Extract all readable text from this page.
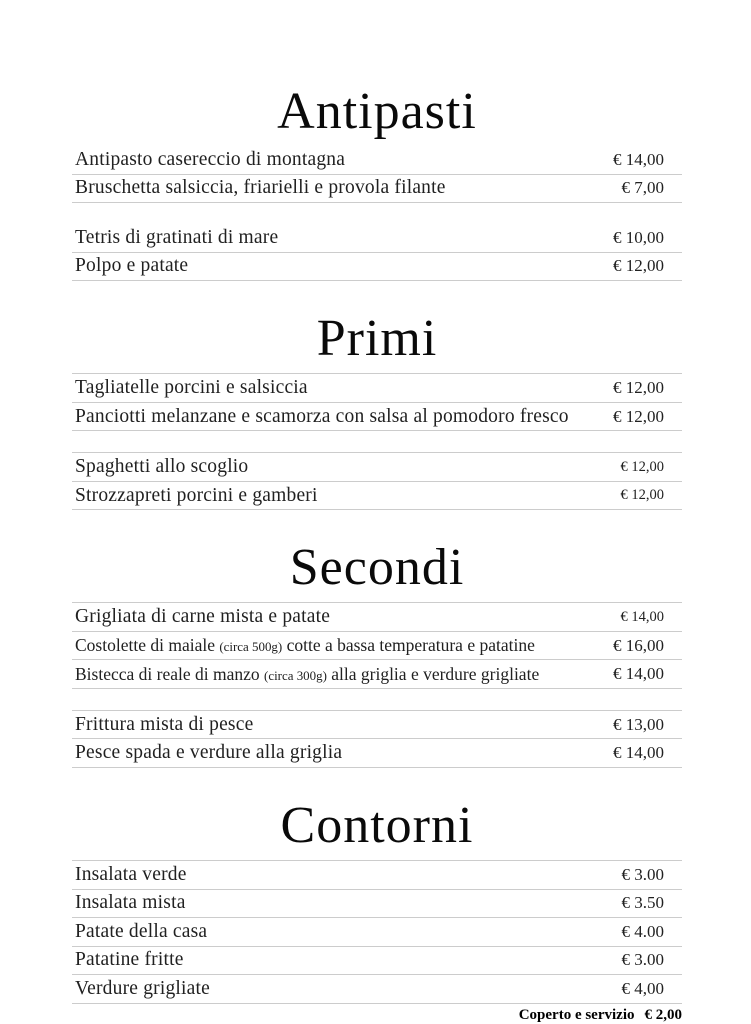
Antipasti
Antipasto casereccio di montagna	€ 14,00
Bruschetta salsiccia, friarielli e provola filante	€ 7,00
Tetris di gratinati di mare	€ 10,00
Polpo e patate	€ 12,00
Primi
Tagliatelle porcini e salsiccia	€ 12,00
Panciotti melanzane e scamorza con salsa al pomodoro fresco	€ 12,00
Spaghetti allo scoglio	€ 12,00
Strozzapreti porcini e gamberi	€ 12,00
Secondi
Grigliata di carne mista e patate	€ 14,00
Costolette di maiale (circa 500g) cotte a bassa temperatura e patatine	€ 16,00
Bistecca di reale di manzo (circa 300g) alla griglia e verdure grigliate	€ 14,00
Frittura mista di pesce	€ 13,00
Pesce spada e verdure alla griglia	€ 14,00
Contorni
Insalata verde	€ 3.00
Insalata mista	€ 3.50
Patate della casa	€ 4.00
Patatine fritte	€ 3.00
Verdure grigliate	€ 4,00
Coperto e servizio € 2,00
